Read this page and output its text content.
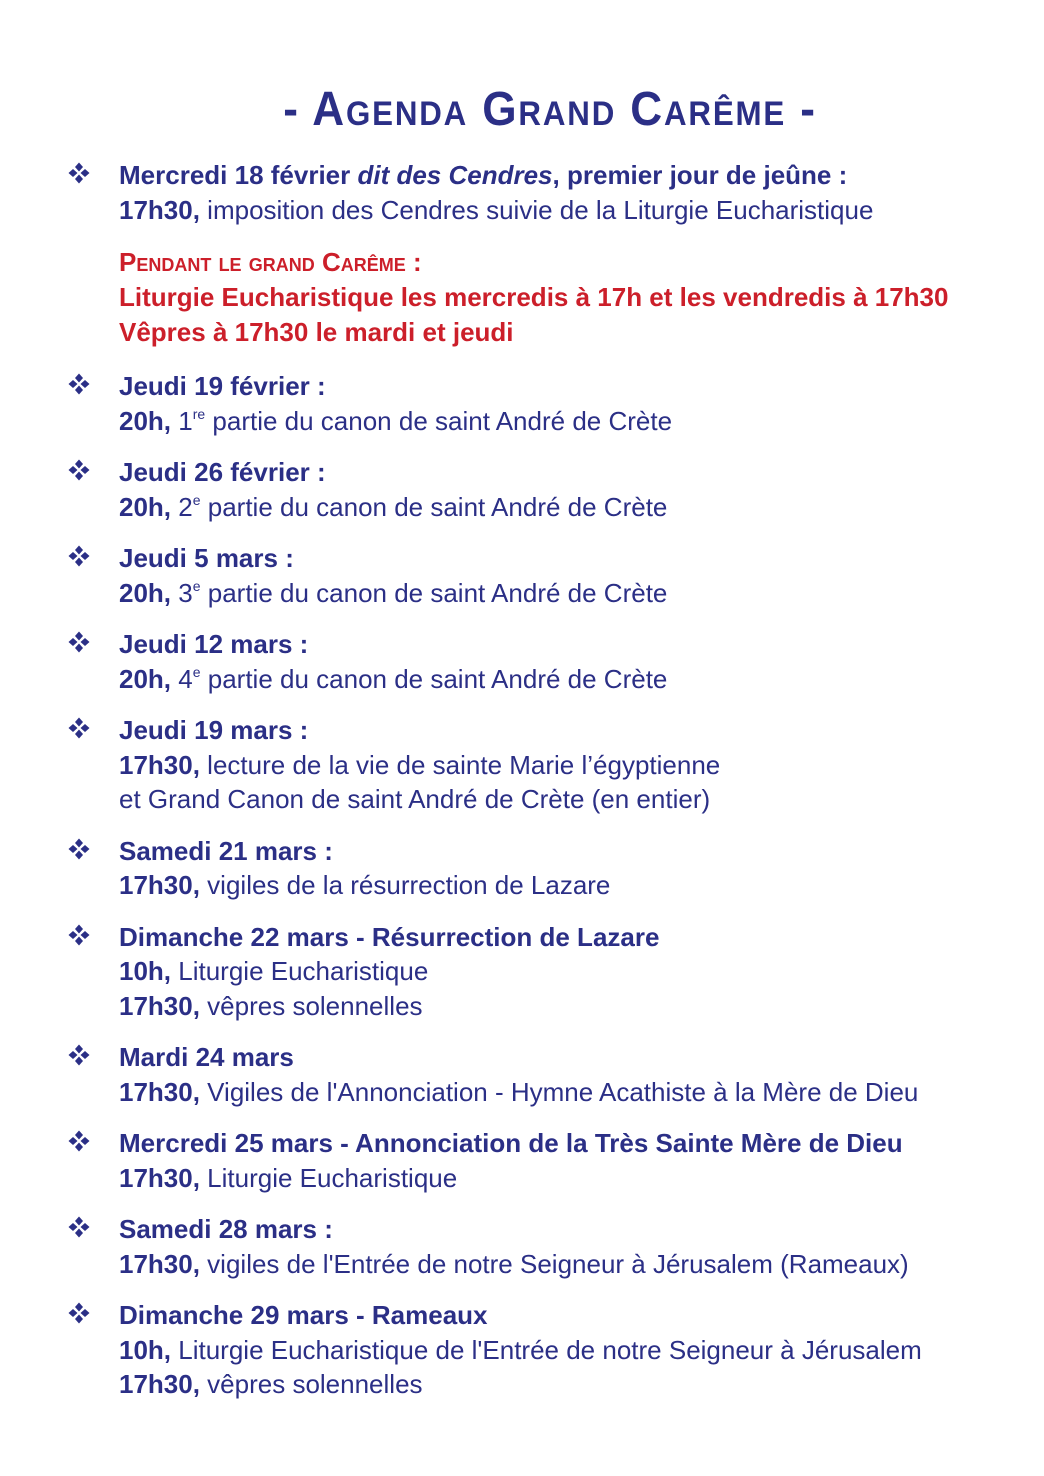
- Agenda Grand Carême -
Mercredi 18 février dit des Cendres, premier jour de jeûne :
17h30, imposition des Cendres suivie de la Liturgie Eucharistique
Pendant le grand Carême :
Liturgie Eucharistique les mercredis à 17h et les vendredis à 17h30
Vêpres à 17h30 le mardi et jeudi
Jeudi 19 février :
20h, 1re partie du canon de saint André de Crète
Jeudi 26 février :
20h, 2e partie du canon de saint André de Crète
Jeudi 5 mars :
20h, 3e partie du canon de saint André de Crète
Jeudi 12 mars :
20h, 4e partie du canon de saint André de Crète
Jeudi 19 mars :
17h30, lecture de la vie de sainte Marie l’égyptienne
et Grand Canon de saint André de Crète (en entier)
Samedi 21 mars :
17h30, vigiles de la résurrection de Lazare
Dimanche 22 mars - Résurrection de Lazare
10h, Liturgie Eucharistique
17h30, vêpres solennelles
Mardi 24 mars
17h30, Vigiles de l'Annonciation - Hymne Acathiste à la Mère de Dieu
Mercredi 25 mars - Annonciation de la Très Sainte Mère de Dieu
17h30, Liturgie Eucharistique
Samedi 28 mars :
17h30, vigiles de l'Entrée de notre Seigneur à Jérusalem (Rameaux)
Dimanche 29 mars - Rameaux
10h, Liturgie Eucharistique de l'Entrée de notre Seigneur à Jérusalem
17h30, vêpres solennelles
